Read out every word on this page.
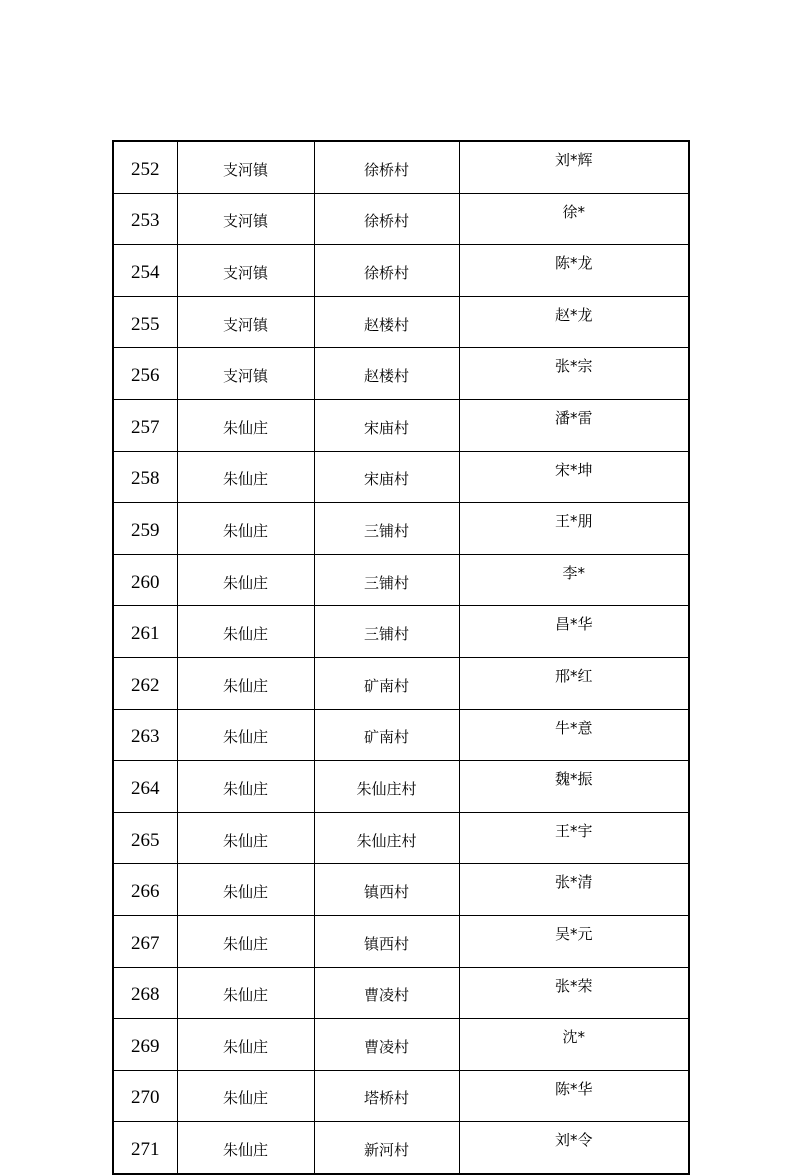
252	支河镇	徐桥村	刘*辉
253	支河镇	徐桥村	徐*
254	支河镇	徐桥村	陈*龙
255	支河镇	赵楼村	赵*龙
256	支河镇	赵楼村	张*宗
257	朱仙庄	宋庙村	潘*雷
258	朱仙庄	宋庙村	宋*坤
259	朱仙庄	三铺村	王*朋
260	朱仙庄	三铺村	李*
261	朱仙庄	三铺村	昌*华
262	朱仙庄	矿南村	邢*红
263	朱仙庄	矿南村	牛*意
264	朱仙庄	朱仙庄村	魏*振
265	朱仙庄	朱仙庄村	王*宇
266	朱仙庄	镇西村	张*清
267	朱仙庄	镇西村	吴*元
268	朱仙庄	曹凌村	张*荣
269	朱仙庄	曹凌村	沈*
270	朱仙庄	塔桥村	陈*华
271	朱仙庄	新河村	刘*令
